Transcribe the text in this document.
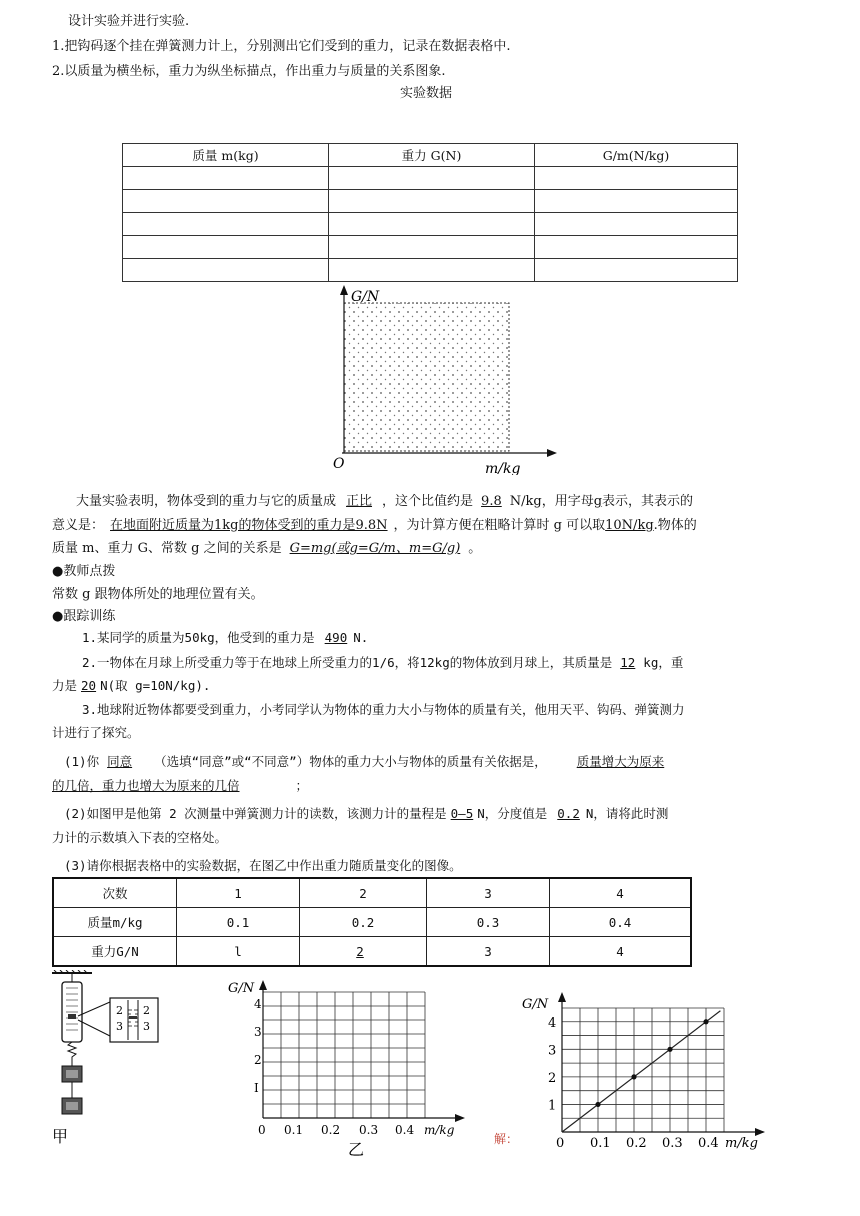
设计实验并进行实验.
1.把钩码逐个挂在弹簧测力计上，分别测出它们受到的重力，记录在数据表格中.
2.以质量为横坐标，重力为纵坐标描点，作出重力与质量的关系图象.
实验数据
质量 m(kg)	重力 G(N)	G/m(N/kg)

G/N
O	m/kg
大量实验表明，物体受到的重力与它的质量成 正比 ，这个比值约是 9.8 N/kg，用字母g表示，其表示的
意义是： 在地面附近质量为1kg的物体受到的重力是9.8N ，为计算方便在粗略计算时 g 可以取10N/kg.物体的
质量 m、重力 G、常数 g 之间的关系是 G=mg(或g=G/m、m=G/g) 。
●教师点拨
常数 g 跟物体所处的地理位置有关。
●跟踪训练
1.某同学的质量为50kg，他受到的重力是 490 N.
2.一物体在月球上所受重力等于在地球上所受重力的1/6，将12kg的物体放到月球上，其质量是 12 kg，重
力是 20 N(取 g=10N/kg).
3.地球附近物体都要受到重力，小考同学认为物体的重力大小与物体的质量有关，他用天平、钩码、弹簧测力
计进行了探究。
(1)你 同意 （选填“同意”或“不同意”）物体的重力大小与物体的质量有关依据是， 质量增大为原来
的几倍，重力也增大为原来的几倍	；
(2)如图甲是他第 2 次测量中弹簧测力计的读数，该测力计的量程是 0—5 N，分度值是 0.2 N，请将此时测
力计的示数填入下表的空格处。
(3)请你根据表格中的实验数据，在图乙中作出重力随质量变化的图像。
次数	1	2	3	4
质量m/kg	0.1	0.2	0.3	0.4
重力G/N	l	2	3	4
2
3
2
3
甲
G/N
4
3
2
I
0 0.1 0.2 0.3 0.4 m/kg
乙
解：
G/N
0.1 0.2 0.3 0.4
4
3
2
1
0	m/kg
